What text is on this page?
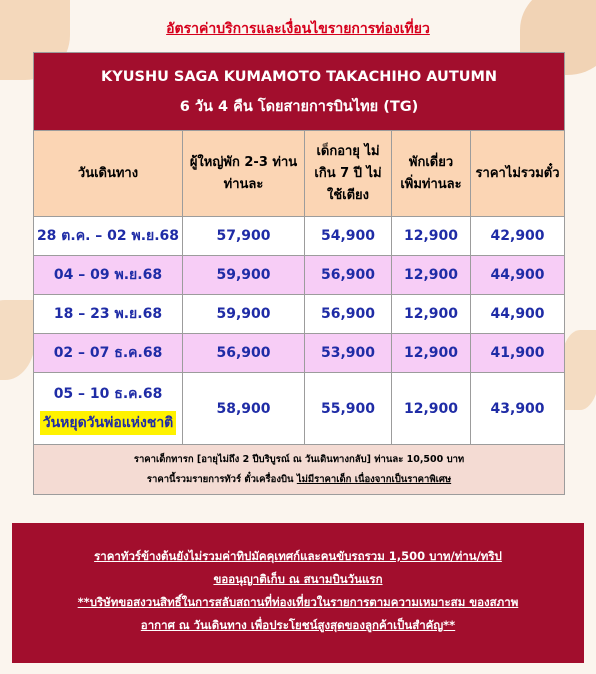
อัตราค่าบริการและเงื่อนไขรายการท่องเที่ยว
KYUSHU SAGA KUMAMOTO TAKACHIHO AUTUMN
6 วัน 4 คืน โดยสายการบินไทย (TG)				

วันเดินทาง	ผู้ใหญ่พัก 2-3 ท่าน ท่านละ	เด็กอายุ ไม่เกิน 7 ปี ไม่ใช้เตียง	พักเดี่ยว เพิ่มท่านละ	ราคาไม่รวมตั๋ว
28 ต.ค. – 02 พ.ย.68	57,900	54,900	12,900	42,900
04 – 09 พ.ย.68	59,900	56,900	12,900	44,900
18 – 23 พ.ย.68	59,900	56,900	12,900	44,900
02 – 07 ธ.ค.68	56,900	53,900	12,900	41,900

05 – 10 ธ.ค.68
วันหยุดวันพ่อแห่งชาติ	58,900	55,900	12,900	43,900

ราคาเด็กทารก [อายุไม่ถึง 2 ปีบริบูรณ์ ณ วันเดินทางกลับ] ท่านละ 10,500 บาท
ราคานี้รวมรายการทัวร์ ตั๋วเครื่องบิน ไม่มีราคาเด็ก เนื่องจากเป็นราคาพิเศษ				
ราคาทัวร์ข้างต้นยังไม่รวมค่าทิปมัคคุเทศก์และคนขับรถรวม 1,500 บาท/ท่าน/ทริป
ขออนุญาติเก็บ ณ สนามบินวันแรก
**บริษัทขอสงวนสิทธิ์ในการสลับสถานที่ท่องเที่ยวในรายการตามความเหมาะสม ของสภาพ
อากาศ ณ วันเดินทาง เพื่อประโยชน์สูงสุดของลูกค้าเป็นสำคัญ**
